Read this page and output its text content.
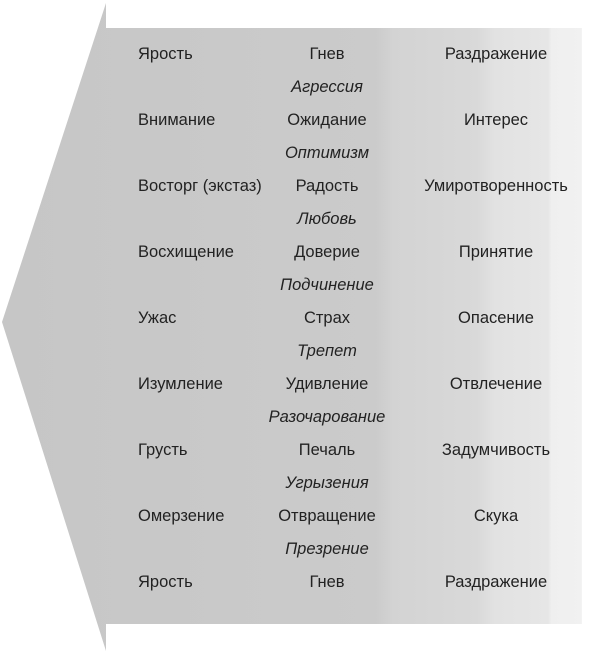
Ярость	Гнев	Раздражение
Агрессия
Внимание	Ожидание	Интерес
Оптимизм
Восторг (экстаз)	Радость	Умиротворенность
Любовь
Восхищение	Доверие	Принятие
Подчинение
Ужас	Страх	Опасение
Трепет
Изумление	Удивление	Отвлечение
Разочарование
Грусть	Печаль	Задумчивость
Угрызения
Омерзение	Отвращение	Скука
Презрение
Ярость	Гнев	Раздражение
